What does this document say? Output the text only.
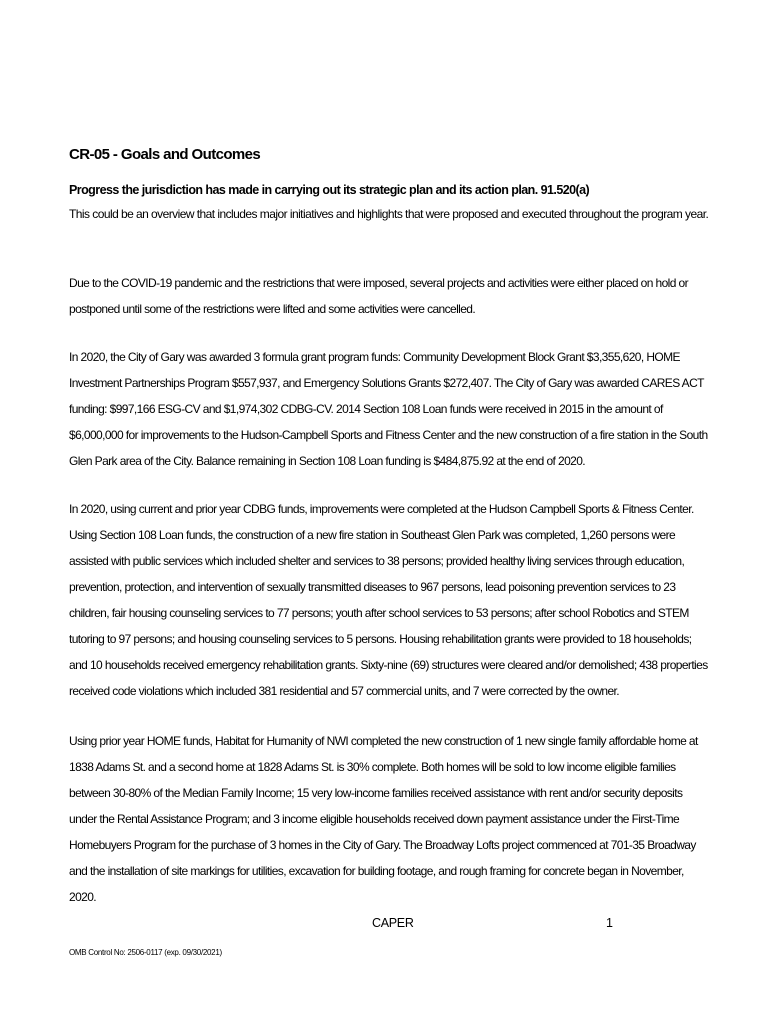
CR-05 - Goals and Outcomes
Progress the jurisdiction has made in carrying out its strategic plan and its action plan. 91.520(a)
This could be an overview that includes major initiatives and highlights that were proposed and executed throughout the program year.
Due to the COVID-19 pandemic and the restrictions that were imposed, several projects and activities were either placed on hold or postponed until some of the restrictions were lifted and some activities were cancelled.
In 2020, the City of Gary was awarded 3 formula grant program funds: Community Development Block Grant $3,355,620, HOME Investment Partnerships Program $557,937, and Emergency Solutions Grants $272,407. The City of Gary was awarded CARES ACT funding: $997,166 ESG-CV and $1,974,302 CDBG-CV. 2014 Section 108 Loan funds were received in 2015 in the amount of $6,000,000 for improvements to the Hudson-Campbell Sports and Fitness Center and the new construction of a fire station in the South Glen Park area of the City. Balance remaining in Section 108 Loan funding is $484,875.92 at the end of 2020.
In 2020, using current and prior year CDBG funds, improvements were completed at the Hudson Campbell Sports & Fitness Center. Using Section 108 Loan funds, the construction of a new fire station in Southeast Glen Park was completed, 1,260 persons were assisted with public services which included shelter and services to 38 persons; provided healthy living services through education, prevention, protection, and intervention of sexually transmitted diseases to 967 persons, lead poisoning prevention services to 23 children, fair housing counseling services to 77 persons; youth after school services to 53 persons; after school Robotics and STEM tutoring to 97 persons; and housing counseling services to 5 persons. Housing rehabilitation grants were provided to 18 households; and 10 households received emergency rehabilitation grants. Sixty-nine (69) structures were cleared and/or demolished; 438 properties received code violations which included 381 residential and 57 commercial units, and 7 were corrected by the owner.
Using prior year HOME funds, Habitat for Humanity of NWI completed the new construction of 1 new single family affordable home at 1838 Adams St. and a second home at 1828 Adams St. is 30% complete. Both homes will be sold to low income eligible families between 30-80% of the Median Family Income; 15 very low-income families received assistance with rent and/or security deposits under the Rental Assistance Program; and 3 income eligible households received down payment assistance under the First-Time Homebuyers Program for the purchase of 3 homes in the City of Gary. The Broadway Lofts project commenced at 701-35 Broadway and the installation of site markings for utilities, excavation for building footage, and rough framing for concrete began in November, 2020.
CAPER	1
OMB Control No: 2506-0117 (exp. 09/30/2021)
